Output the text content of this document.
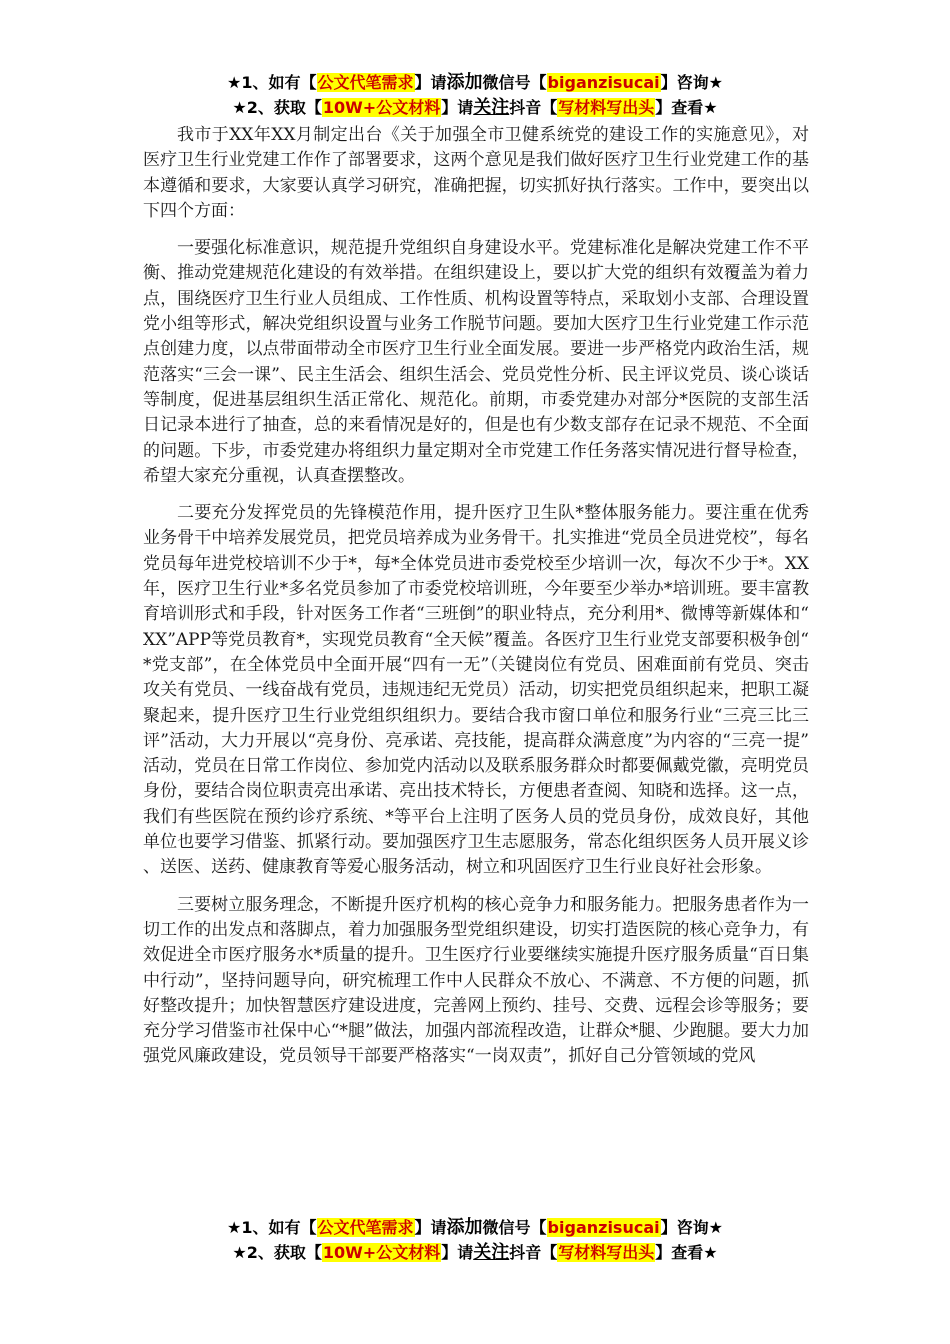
★1、如有【公文代笔需求】请添加微信号【biganzisucai】咨询★
★2、获取【10W+公文材料】请关注抖音【写材料写出头】查看★

我市于XX年XX月制定出台《关于加强全市卫健系统党的建设工作的实施意见》，对医疗卫生行业党建工作作了部署要求，这两个意见是我们做好医疗卫生行业党建工作的基本遵循和要求，大家要认真学习研究，准确把握，切实抓好执行落实。工作中，要突出以下四个方面：

一要强化标准意识，规范提升党组织自身建设水平。党建标准化是解决党建工作不平衡、推动党建规范化建设的有效举措。在组织建设上，要以扩大党的组织有效覆盖为着力点，围绕医疗卫生行业人员组成、工作性质、机构设置等特点，采取划小支部、合理设置党小组等形式，解决党组织设置与业务工作脱节问题。要加大医疗卫生行业党建工作示范点创建力度，以点带面带动全市医疗卫生行业全面发展。要进一步严格党内政治生活，规范落实“三会一课”、民主生活会、组织生活会、党员党性分析、民主评议党员、谈心谈话等制度，促进基层组织生活正常化、规范化。前期，市委党建办对部分*医院的支部生活日记录本进行了抽查，总的来看情况是好的，但是也有少数支部存在记录不规范、不全面的问题。下步，市委党建办将组织力量定期对全市党建工作任务落实情况进行督导检查，希望大家充分重视，认真查摆整改。

二要充分发挥党员的先锋模范作用，提升医疗卫生队*整体服务能力。要注重在优秀业务骨干中培养发展党员，把党员培养成为业务骨干。扎实推进“党员全员进党校”，每名党员每年进党校培训不少于*，每*全体党员进市委党校至少培训一次，每次不少于*。XX年，医疗卫生行业*多名党员参加了市委党校培训班，今年要至少举办*培训班。要丰富教育培训形式和手段，针对医务工作者“三班倒”的职业特点，充分利用*、微博等新媒体和“XX”APP等党员教育*，实现党员教育“全天候”覆盖。各医疗卫生行业党支部要积极争创“*党支部”，在全体党员中全面开展“四有一无”（关键岗位有党员、困难面前有党员、突击攻关有党员、一线奋战有党员，违规违纪无党员）活动，切实把党员组织起来，把职工凝聚起来，提升医疗卫生行业党组织组织力。要结合我市窗口单位和服务行业“三亮三比三评”活动，大力开展以“亮身份、亮承诺、亮技能，提高群众满意度”为内容的“三亮一提”活动，党员在日常工作岗位、参加党内活动以及联系服务群众时都要佩戴党徽，亮明党员身份，要结合岗位职责亮出承诺、亮出技术特长，方便患者查阅、知晓和选择。这一点，我们有些医院在预约诊疗系统、*等平台上注明了医务人员的党员身份，成效良好，其他单位也要学习借鉴、抓紧行动。要加强医疗卫生志愿服务，常态化组织医务人员开展义诊、送医、送药、健康教育等爱心服务活动，树立和巩固医疗卫生行业良好社会形象。

三要树立服务理念，不断提升医疗机构的核心竞争力和服务能力。把服务患者作为一切工作的出发点和落脚点，着力加强服务型党组织建设，切实打造医院的核心竞争力，有效促进全市医疗服务水*质量的提升。卫生医疗行业要继续实施提升医疗服务质量“百日集中行动”，坚持问题导向，研究梳理工作中人民群众不放心、不满意、不方便的问题，抓好整改提升；加快智慧医疗建设进度，完善网上预约、挂号、交费、远程会诊等服务；要充分学习借鉴市社保中心“*腿”做法，加强内部流程改造，让群众*腿、少跑腿。要大力加强党风廉政建设，党员领导干部要严格落实“一岗双责”，抓好自己分管领域的党风

★1、如有【公文代笔需求】请添加微信号【biganzisucai】咨询★
★2、获取【10W+公文材料】请关注抖音【写材料写出头】查看★
